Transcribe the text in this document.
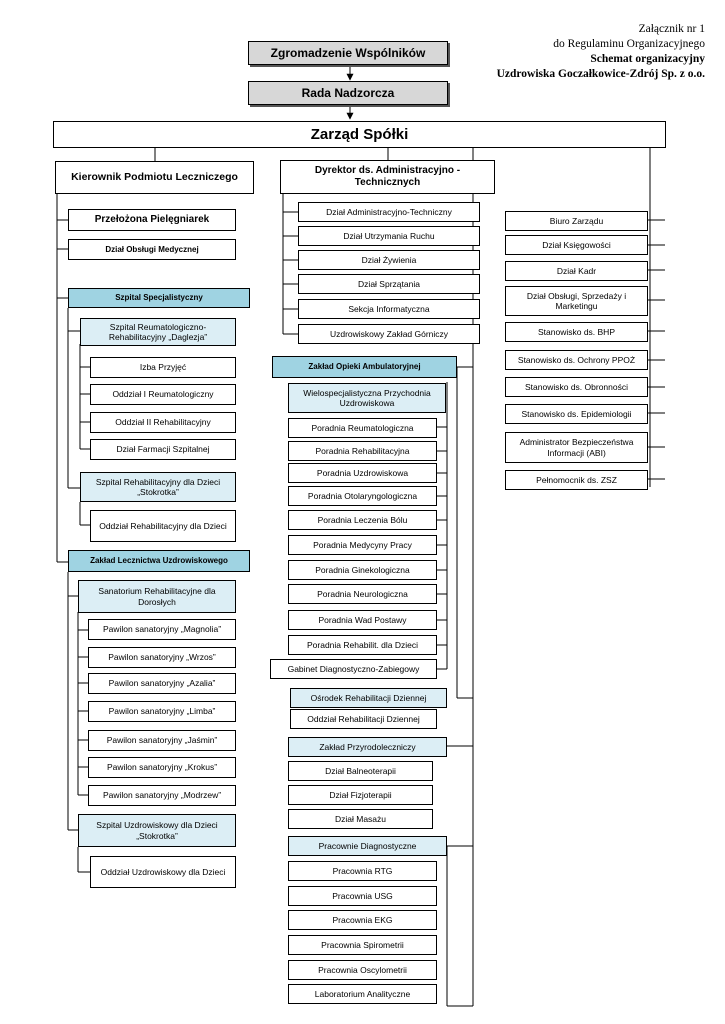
Załącznik nr 1
do Regulaminu Organizacyjnego
Schemat organizacyjny
Uzdrowiska Goczałkowice-Zdrój Sp. z o.o.
Zgromadzenie Wspólników
Rada Nadzorcza
Zarząd Spółki
Kierownik Podmiotu Leczniczego
Przełożona Pielęgniarek
Dział Obsługi Medycznej
Szpital Specjalistyczny
Szpital Reumatologiczno-Rehabilitacyjny „Daglezja”
Izba Przyjęć
Oddział I Reumatologiczny
Oddział II Rehabilitacyjny
Dział Farmacji Szpitalnej
Szpital Rehabilitacyjny dla Dzieci „Stokrotka”
Oddział Rehabilitacyjny dla Dzieci
Zakład Lecznictwa Uzdrowiskowego
Sanatorium Rehabilitacyjne dla Dorosłych
Pawilon sanatoryjny „Magnolia”
Pawilon sanatoryjny „Wrzos”
Pawilon sanatoryjny „Azalia”
Pawilon sanatoryjny „Limba”
Pawilon sanatoryjny „Jaśmin”
Pawilon sanatoryjny „Krokus”
Pawilon sanatoryjny „Modrzew”
Szpital Uzdrowiskowy dla Dzieci „Stokrotka”
Oddział Uzdrowiskowy dla Dzieci
Dyrektor ds. Administracyjno - Technicznych
Dział Administracyjno-Techniczny
Dział Utrzymania Ruchu
Dział Żywienia
Dział Sprzątania
Sekcja Informatyczna
Uzdrowiskowy Zakład Górniczy
Zakład Opieki Ambulatoryjnej
Wielospecjalistyczna Przychodnia Uzdrowiskowa
Poradnia Reumatologiczna
Poradnia Rehabilitacyjna
Poradnia Uzdrowiskowa
Poradnia Otolaryngologiczna
Poradnia Leczenia Bólu
Poradnia Medycyny Pracy
Poradnia Ginekologiczna
Poradnia Neurologiczna
Poradnia Wad Postawy
Poradnia Rehabilit. dla Dzieci
Gabinet Diagnostyczno-Zabiegowy
Ośrodek Rehabilitacji Dziennej
Oddział Rehabilitacji Dziennej
Zakład Przyrodoleczniczy
Dział Balneoterapii
Dział Fizjoterapii
Dział Masażu
Pracownie Diagnostyczne
Pracownia RTG
Pracownia USG
Pracownia EKG
Pracownia Spirometrii
Pracownia Oscylometrii
Laboratorium Analityczne
Biuro Zarządu
Dział Księgowości
Dział Kadr
Dział Obsługi, Sprzedaży i Marketingu
Stanowisko ds. BHP
Stanowisko ds. Ochrony PPOŻ
Stanowisko ds. Obronności
Stanowisko ds. Epidemiologii
Administrator Bezpieczeństwa Informacji (ABI)
Pełnomocnik ds. ZSZ
